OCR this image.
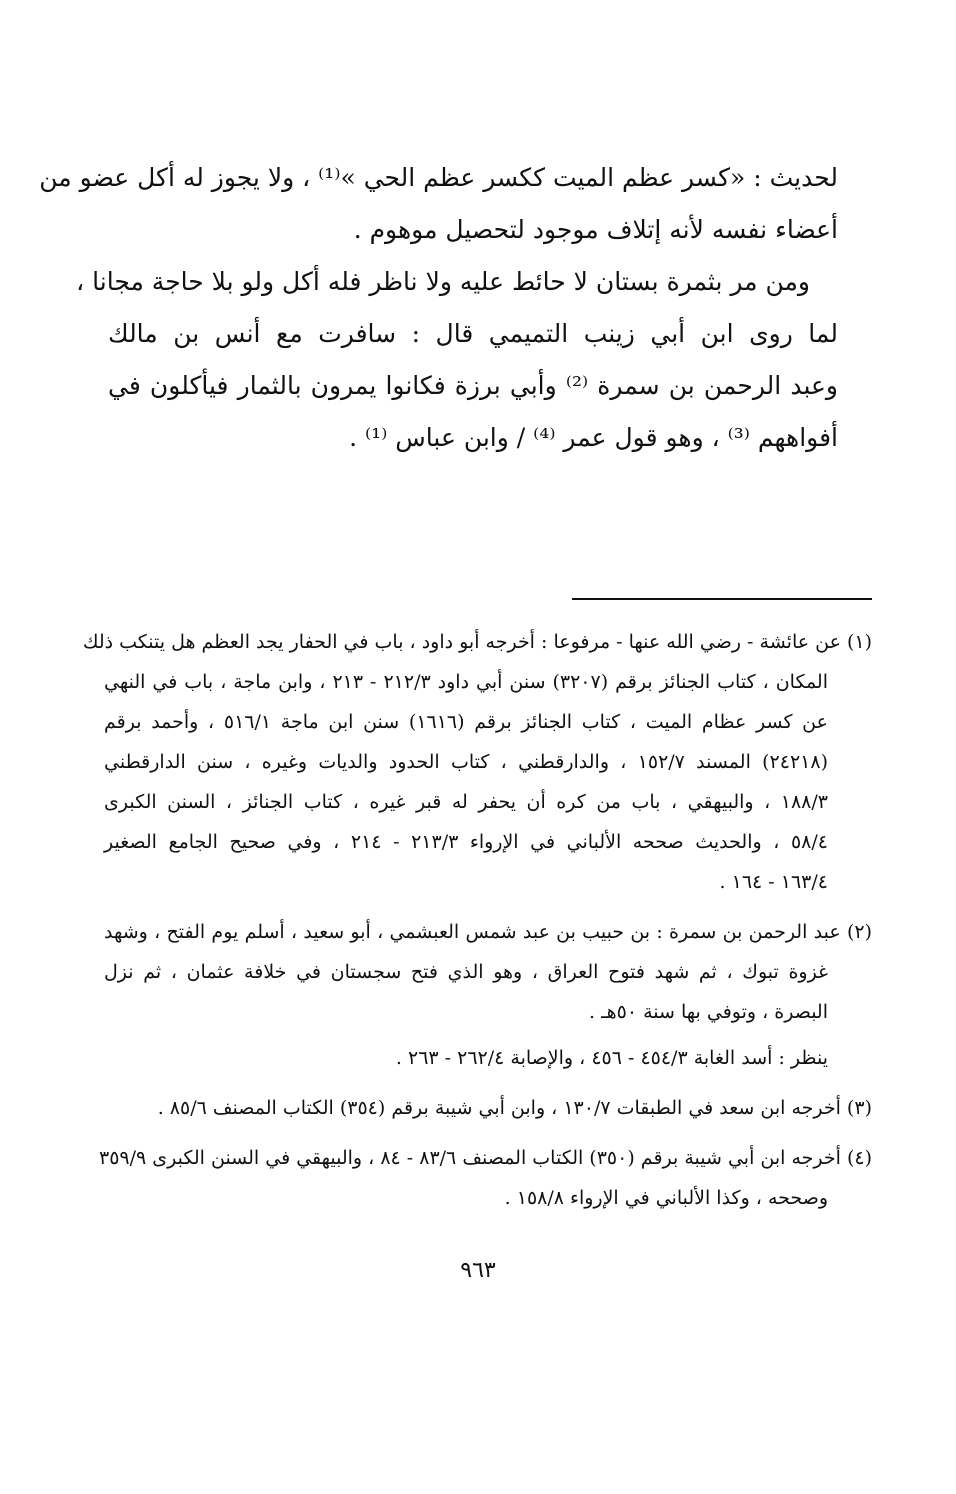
لحديث : «كسر عظم الميت ككسر عظم الحي »⁽¹⁾ ، ولا يجوز له أكل عضو من
أعضاء نفسه لأنه إتلاف موجود لتحصيل موهوم .
ومن مر بثمرة بستان لا حائط عليه ولا ناظر فله أكل ولو بلا حاجة مجانا ،
لما روى ابن أبي زينب التميمي قال : سافرت مع أنس بن مالك
وعبد الرحمن بن سمرة ⁽²⁾ وأبي برزة فكانوا يمرون بالثمار فيأكلون في
أفواههم ⁽³⁾ ، وهو قول عمر ⁽⁴⁾ / وابن عباس ⁽¹⁾ .
(١) عن عائشة - رضي الله عنها - مرفوعا : أخرجه أبو داود ، باب في الحفار يجد العظم هل يتنكب ذلك
المكان ، كتاب الجنائز برقم (٣٢٠٧) سنن أبي داود ٢١٢/٣ - ٢١٣ ، وابن ماجة ، باب في النهي
عن كسر عظام الميت ، كتاب الجنائز برقم (١٦١٦) سنن ابن ماجة ٥١٦/١ ، وأحمد برقم
(٢٤٢١٨) المسند ١٥٢/٧ ، والدارقطني ، كتاب الحدود والديات وغيره ، سنن الدارقطني
١٨٨/٣ ، والبيهقي ، باب من كره أن يحفر له قبر غيره ، كتاب الجنائز ، السنن الكبرى
٥٨/٤ ، والحديث صححه الألباني في الإرواء ٢١٣/٣ - ٢١٤ ، وفي صحيح الجامع الصغير
١٦٣/٤ - ١٦٤ .
(٢) عبد الرحمن بن سمرة : بن حبيب بن عبد شمس العبشمي ، أبو سعيد ، أسلم يوم الفتح ، وشهد
غزوة تبوك ، ثم شهد فتوح العراق ، وهو الذي فتح سجستان في خلافة عثمان ، ثم نزل
البصرة ، وتوفي بها سنة ٥٠هـ .
ينظر : أسد الغابة ٤٥٤/٣ - ٤٥٦ ، والإصابة ٢٦٢/٤ - ٢٦٣ .
(٣) أخرجه ابن سعد في الطبقات ١٣٠/٧ ، وابن أبي شيبة برقم (٣٥٤) الكتاب المصنف ٨٥/٦ .
(٤) أخرجه ابن أبي شيبة برقم (٣٥٠) الكتاب المصنف ٨٣/٦ - ٨٤ ، والبيهقي في السنن الكبرى ٣٥٩/٩
وصححه ، وكذا الألباني في الإرواء ١٥٨/٨ .
٩٦٣
